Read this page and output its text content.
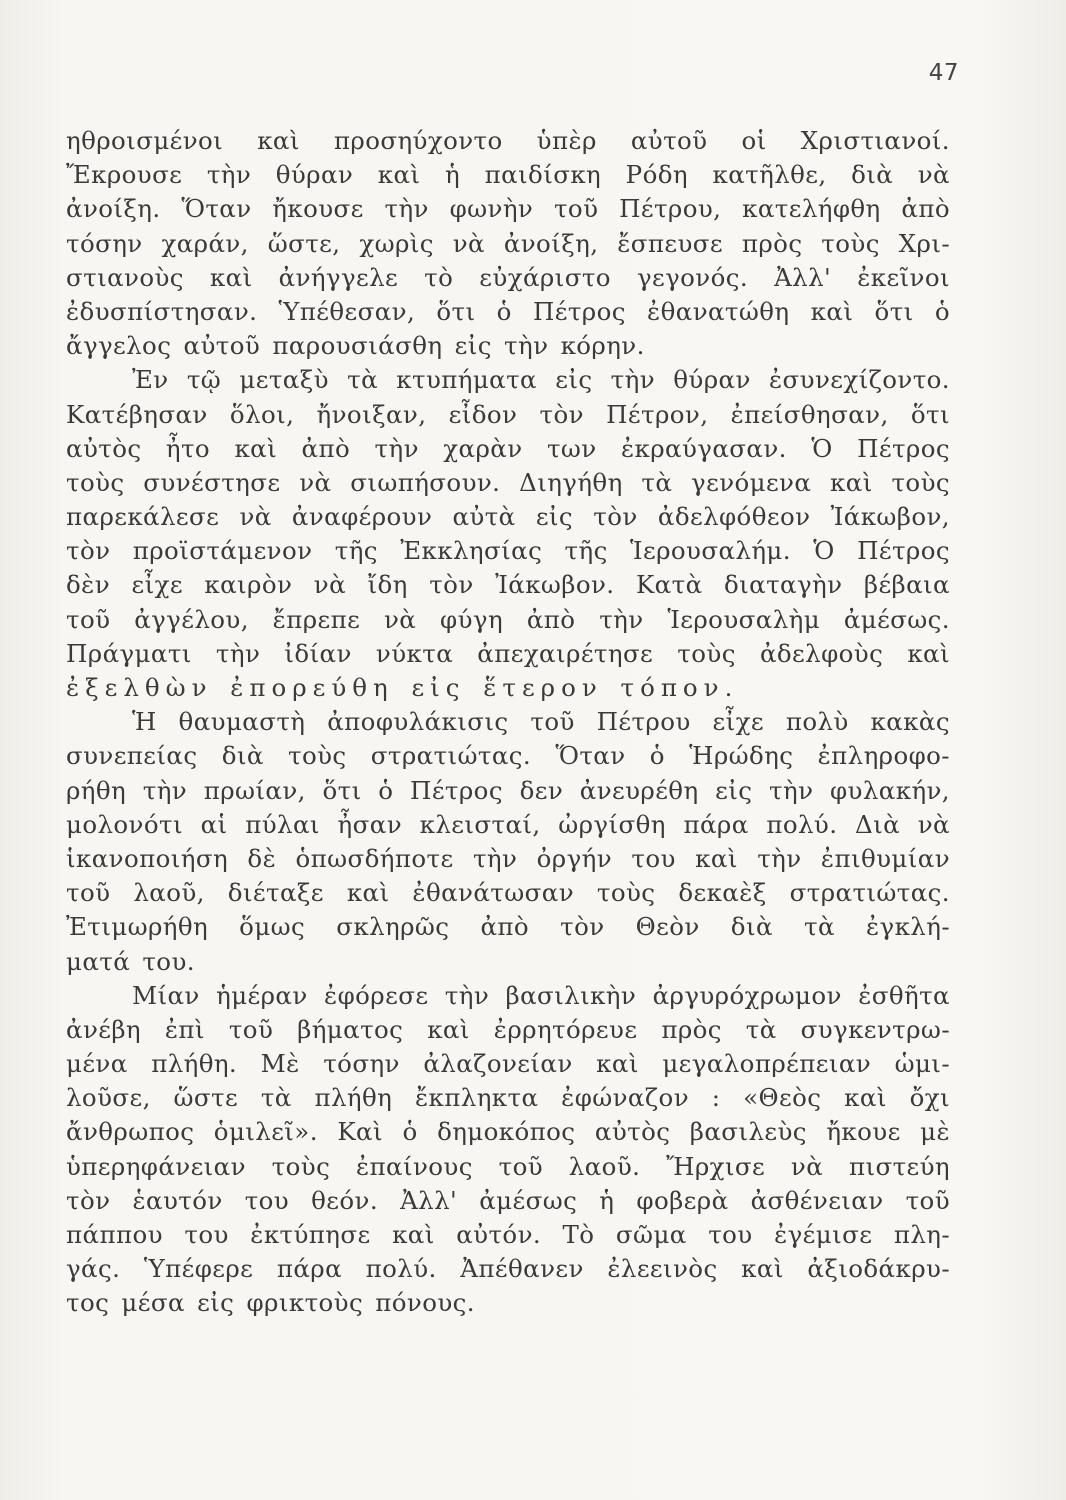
47
ηθροισμένοι καὶ προσηύχοντο ὑπὲρ αὐτοῦ οἱ Χριστιανοί.
Ἔκρουσε τὴν θύραν καὶ ἡ παιδίσκη Ρόδη κατῆλθε, διὰ νὰ
ἀνοίξη. Ὅταν ἤκουσε τὴν φωνὴν τοῦ Πέτρου, κατελήφθη ἀπὸ
τόσην χαράν, ὥστε, χωρὶς νὰ ἀνοίξη, ἔσπευσε πρὸς τοὺς Χρι-
στιανοὺς καὶ ἀνήγγελε τὸ εὐχάριστο γεγονός. Ἀλλ' ἐκεῖνοι
ἐδυσπίστησαν. Ὑπέθεσαν, ὅτι ὁ Πέτρος ἐθανατώθη καὶ ὅτι ὁ
ἄγγελος αὐτοῦ παρουσιάσθη εἰς τὴν κόρην.
Ἐν τῷ μεταξὺ τὰ κτυπήματα εἰς τὴν θύραν ἐσυνεχίζοντο.
Κατέβησαν ὅλοι, ἤνοιξαν, εἶδον τὸν Πέτρον, ἐπείσθησαν, ὅτι
αὐτὸς ἦτο καὶ ἀπὸ τὴν χαρὰν των ἐκραύγασαν. Ὁ Πέτρος
τοὺς συνέστησε νὰ σιωπήσουν. Διηγήθη τὰ γενόμενα καὶ τοὺς
παρεκάλεσε νὰ ἀναφέρουν αὐτὰ εἰς τὸν ἀδελφόθεον Ἰάκωβον,
τὸν προϊστάμενον τῆς Ἐκκλησίας τῆς Ἱερουσαλήμ. Ὁ Πέτρος
δὲν εἶχε καιρὸν νὰ ἴδη τὸν Ἰάκωβον. Κατὰ διαταγὴν βέβαια
τοῦ ἀγγέλου, ἔπρεπε νὰ φύγη ἀπὸ τὴν Ἱερουσαλὴμ ἀμέσως.
Πράγματι τὴν ἰδίαν νύκτα ἀπεχαιρέτησε τοὺς ἀδελφοὺς καὶ
ἐξελθὼν ἐπορεύθη εἰς ἕτερον τόπον.
Ἡ θαυμαστὴ ἀποφυλάκισις τοῦ Πέτρου εἶχε πολὺ κακὰς
συνεπείας διὰ τοὺς στρατιώτας. Ὅταν ὁ Ἡρώδης ἐπληροφο-
ρήθη τὴν πρωίαν, ὅτι ὁ Πέτρος δεν ἀνευρέθη εἰς τὴν φυλακήν,
μολονότι αἱ πύλαι ἦσαν κλεισταί, ὠργίσθη πάρα πολύ. Διὰ νὰ
ἱκανοποιήση δὲ ὁπωσδήποτε τὴν ὀργήν του καὶ τὴν ἐπιθυμίαν
τοῦ λαοῦ, διέταξε καὶ ἐθανάτωσαν τοὺς δεκαὲξ στρατιώτας.
Ἐτιμωρήθη ὅμως σκληρῶς ἀπὸ τὸν Θεὸν διὰ τὰ ἐγκλή-
ματά του.
Μίαν ἡμέραν ἐφόρεσε τὴν βασιλικὴν ἀργυρόχρωμον ἐσθῆτα
ἀνέβη ἐπὶ τοῦ βήματος καὶ ἐρρητόρευε πρὸς τὰ συγκεντρω-
μένα πλήθη. Μὲ τόσην ἀλαζονείαν καὶ μεγαλοπρέπειαν ὡμι-
λοῦσε, ὥστε τὰ πλήθη ἔκπληκτα ἐφώναζον : «Θεὸς καὶ ὄχι
ἄνθρωπος ὁμιλεῖ». Καὶ ὁ δημοκόπος αὐτὸς βασιλεὺς ἤκουε μὲ
ὑπερηφάνειαν τοὺς ἐπαίνους τοῦ λαοῦ. Ἤρχισε νὰ πιστεύη
τὸν ἑαυτόν του θεόν. Ἀλλ' ἀμέσως ἡ φοβερὰ ἀσθένειαν τοῦ
πάππου του ἐκτύπησε καὶ αὐτόν. Τὸ σῶμα του ἐγέμισε πλη-
γάς. Ὑπέφερε πάρα πολύ. Ἀπέθανεν ἐλεεινὸς καὶ ἀξιοδάκρυ-
τος μέσα εἰς φρικτοὺς πόνους.
